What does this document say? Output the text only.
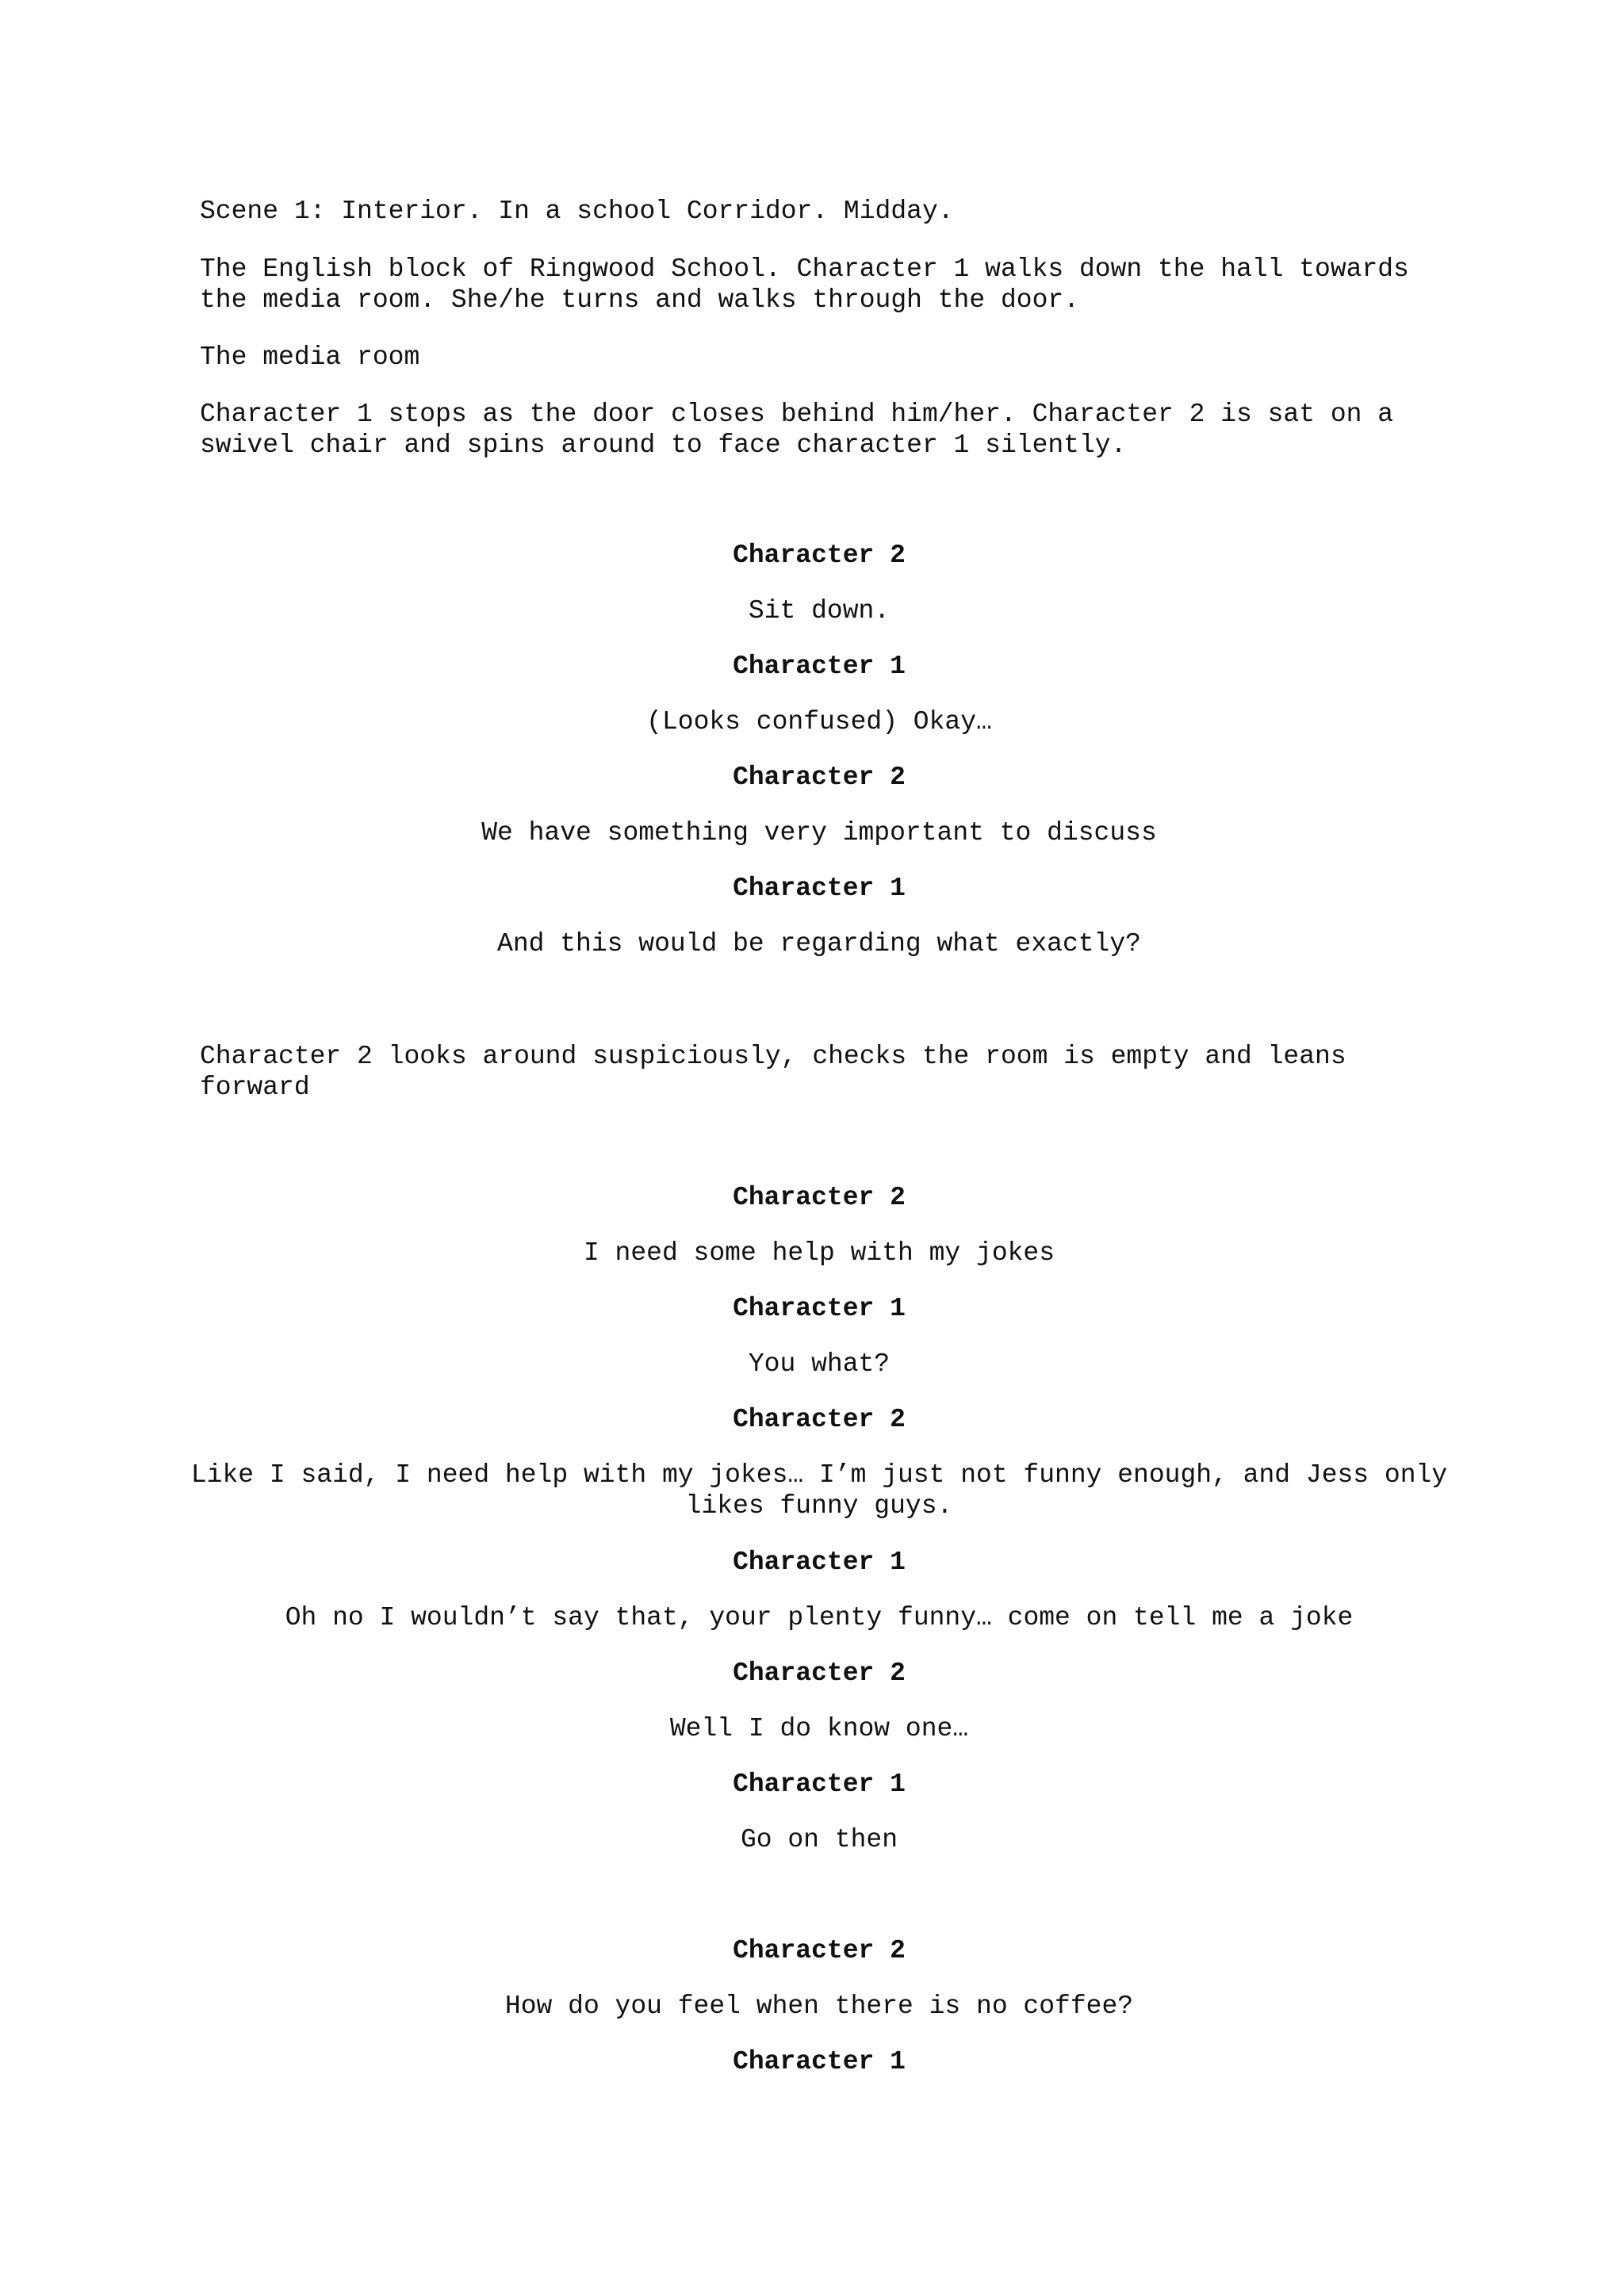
Scene 1: Interior. In a school Corridor. Midday.

The English block of Ringwood School. Character 1 walks down the hall towards the media room. She/he turns and walks through the door.

The media room

Character 1 stops as the door closes behind him/her. Character 2 is sat on a swivel chair and spins around to face character 1 silently.

Character 2

Sit down.

Character 1

(Looks confused) Okay…

Character 2

We have something very important to discuss

Character 1

And this would be regarding what exactly?

Character 2 looks around suspiciously, checks the room is empty and leans forward

Character 2

I need some help with my jokes

Character 1

You what?

Character 2

Like I said, I need help with my jokes… I’m just not funny enough, and Jess only likes funny guys.

Character 1

Oh no I wouldn’t say that, your plenty funny… come on tell me a joke

Character 2

Well I do know one…

Character 1

Go on then

Character 2

How do you feel when there is no coffee?

Character 1
